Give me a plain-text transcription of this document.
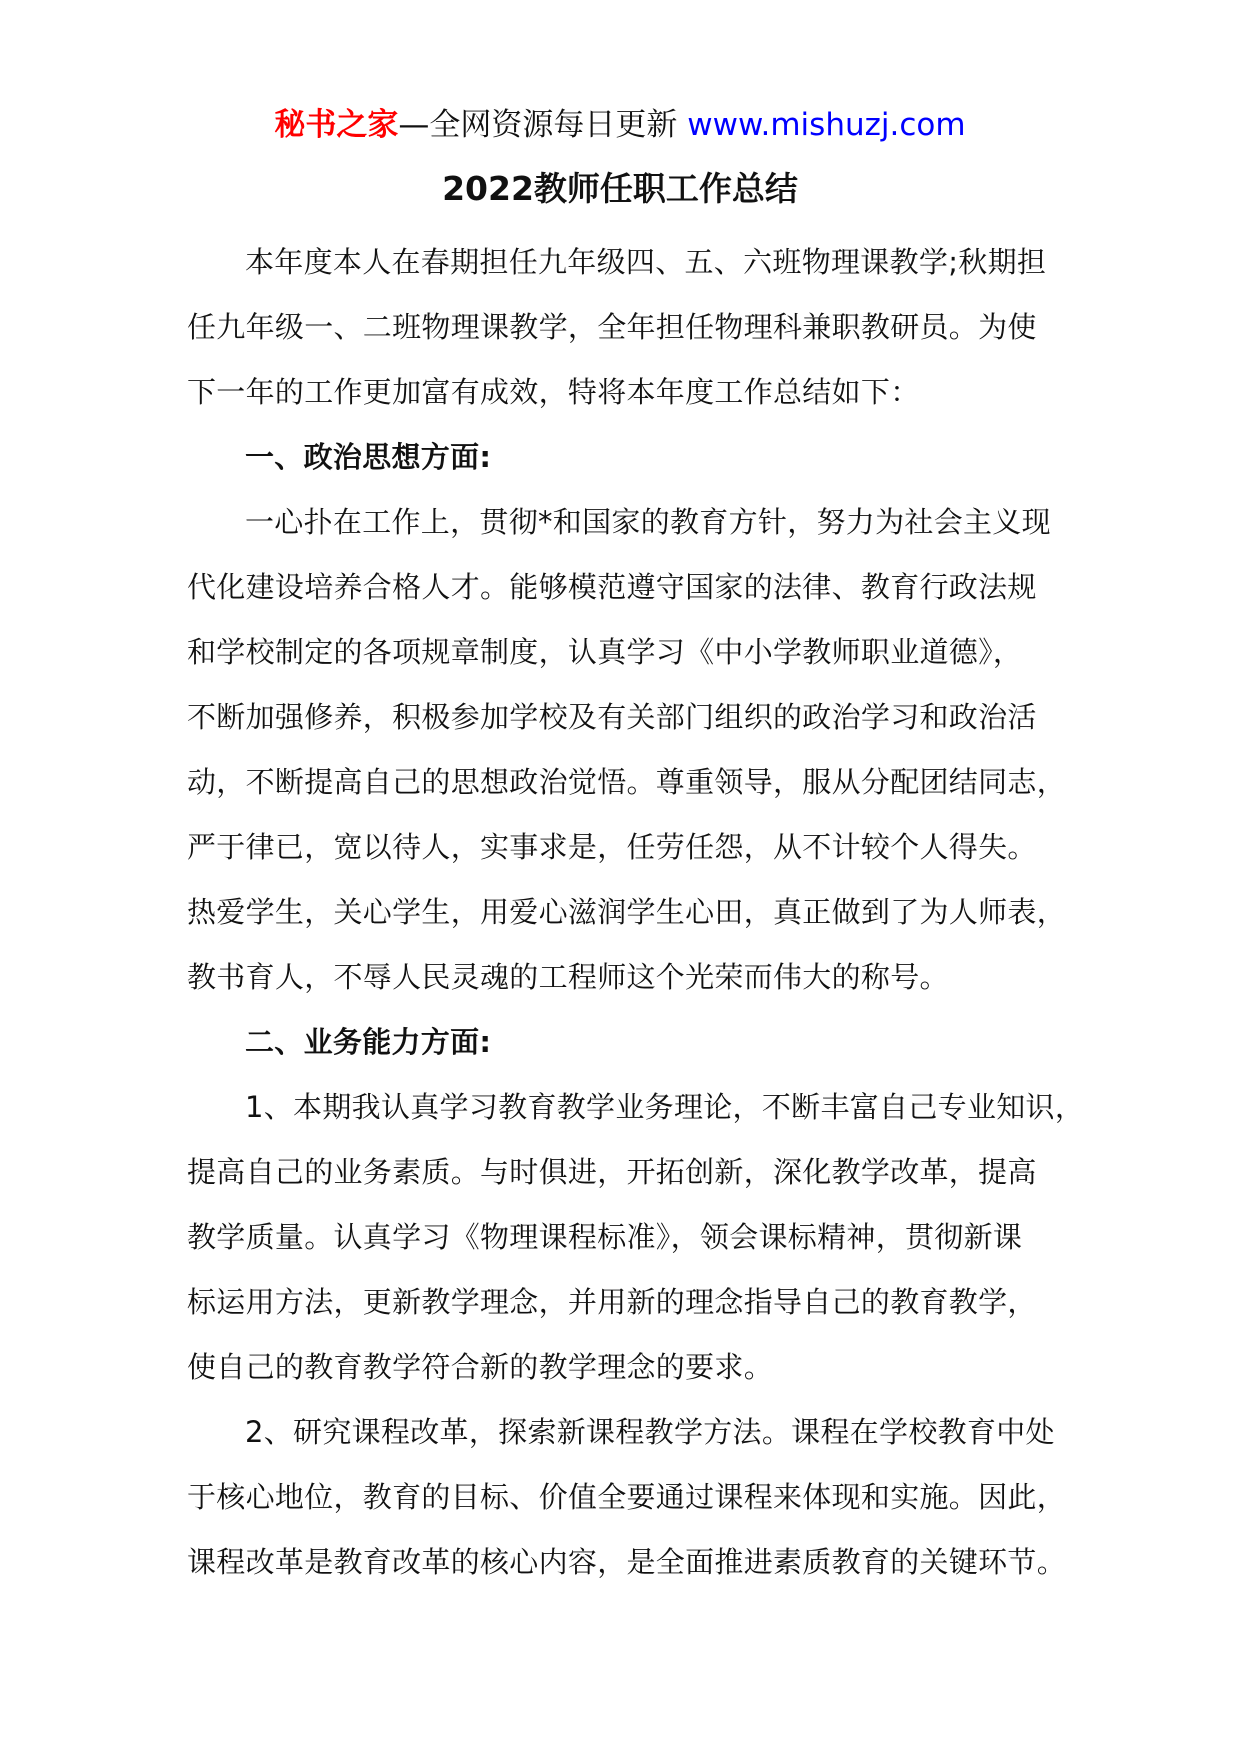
秘书之家—全网资源每日更新 www.mishuzj.com
2022教师任职工作总结
本年度本人在春期担任九年级四、五、六班物理课教学;秋期担
任九年级一、二班物理课教学，全年担任物理科兼职教研员。为使
下一年的工作更加富有成效，特将本年度工作总结如下：
一、政治思想方面:
一心扑在工作上，贯彻*和国家的教育方针，努力为社会主义现
代化建设培养合格人才。能够模范遵守国家的法律、教育行政法规
和学校制定的各项规章制度，认真学习《中小学教师职业道德》，
不断加强修养，积极参加学校及有关部门组织的政治学习和政治活
动，不断提高自己的思想政治觉悟。尊重领导，服从分配团结同志，
严于律已，宽以待人，实事求是，任劳任怨，从不计较个人得失。
热爱学生，关心学生，用爱心滋润学生心田，真正做到了为人师表，
教书育人，不辱人民灵魂的工程师这个光荣而伟大的称号。
二、业务能力方面:
1、本期我认真学习教育教学业务理论，不断丰富自己专业知识，
提高自己的业务素质。与时俱进，开拓创新，深化教学改革，提高
教学质量。认真学习《物理课程标准》，领会课标精神，贯彻新课
标运用方法，更新教学理念，并用新的理念指导自己的教育教学，
使自己的教育教学符合新的教学理念的要求。
2、研究课程改革，探索新课程教学方法。课程在学校教育中处
于核心地位，教育的目标、价值全要通过课程来体现和实施。因此，
课程改革是教育改革的核心内容，是全面推进素质教育的关键环节。
